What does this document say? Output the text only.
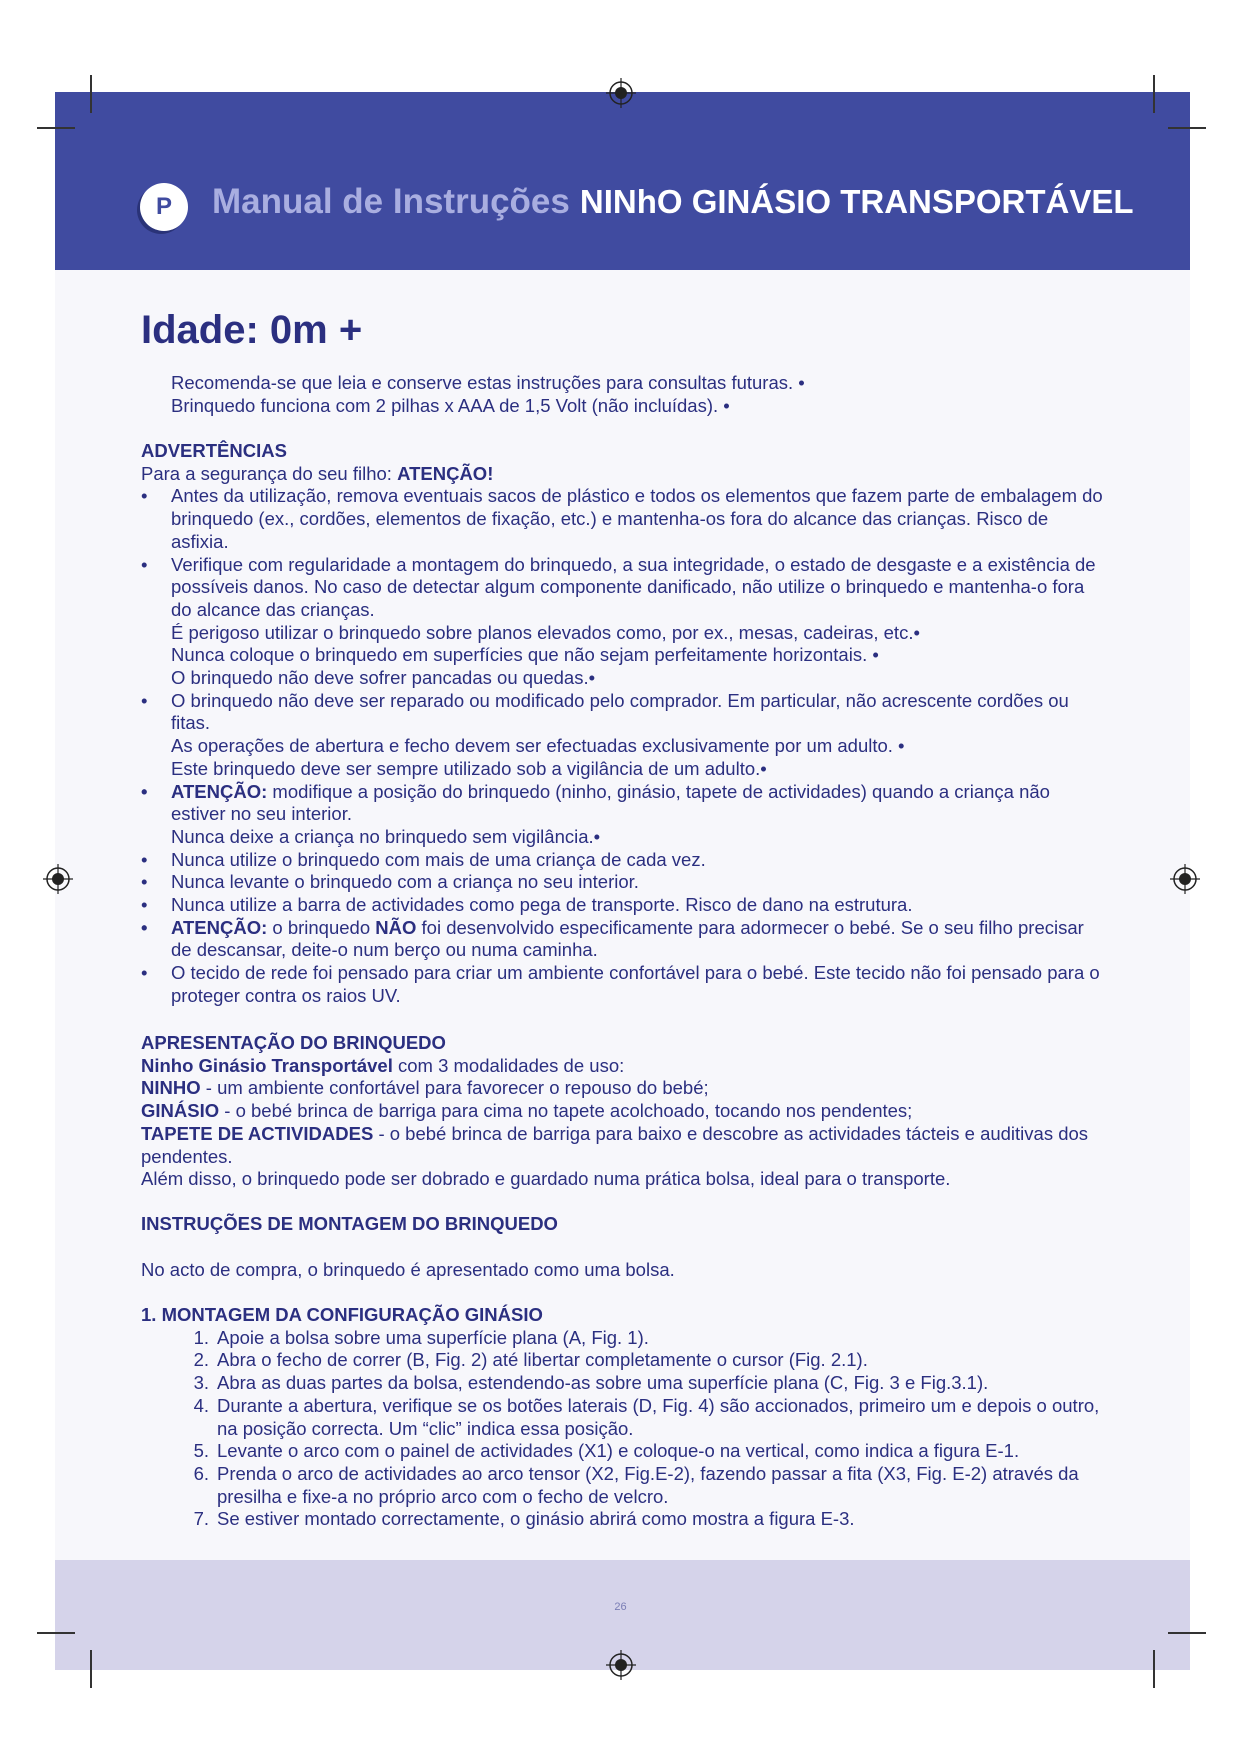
P	Manual de Instruções NINhO GINÁSIO TRANSPORTÁVEL
Idade: 0m +
Recomenda-se que leia e conserve estas instruções para consultas futuras. •
Brinquedo funciona com 2 pilhas x AAA de 1,5 Volt (não incluídas). •
ADVERTÊNCIAS
Para a segurança do seu filho: ATENÇÃO!
•	Antes da utilização, remova eventuais sacos de plástico e todos os elementos que fazem parte de embalagem do brinquedo (ex., cordões, elementos de fixação, etc.) e mantenha-os fora do alcance das crianças. Risco de asfixia.
•	Verifique com regularidade a montagem do brinquedo, a sua integridade, o estado de desgaste e a existência de possíveis danos. No caso de detectar algum componente danificado, não utilize o brinquedo e mantenha-o fora do alcance das crianças.
É perigoso utilizar o brinquedo sobre planos elevados como, por ex., mesas, cadeiras, etc.•
Nunca coloque o brinquedo em superfícies que não sejam perfeitamente horizontais. •
O brinquedo não deve sofrer pancadas ou quedas.•
•	O brinquedo não deve ser reparado ou modificado pelo comprador. Em particular, não acrescente cordões ou fitas.
As operações de abertura e fecho devem ser efectuadas exclusivamente por um adulto. •
Este brinquedo deve ser sempre utilizado sob a vigilância de um adulto.•
•	ATENÇÃO: modifique a posição do brinquedo (ninho, ginásio, tapete de actividades) quando a criança não estiver no seu interior.
Nunca deixe a criança no brinquedo sem vigilância.•
•	Nunca utilize o brinquedo com mais de uma criança de cada vez.
•	Nunca levante o brinquedo com a criança no seu interior.
•	Nunca utilize a barra de actividades como pega de transporte. Risco de dano na estrutura.
•	ATENÇÃO: o brinquedo NÃO foi desenvolvido especificamente para adormecer o bebé. Se o seu filho precisar de descansar, deite-o num berço ou numa caminha.
•	O tecido de rede foi pensado para criar um ambiente confortável para o bebé. Este tecido não foi pensado para o proteger contra os raios UV.
APRESENTAÇÃO DO BRINQUEDO
Ninho Ginásio Transportável com 3 modalidades de uso:
NINHO - um ambiente confortável para favorecer o repouso do bebé;
GINÁSIO - o bebé brinca de barriga para cima no tapete acolchoado, tocando nos pendentes;
TAPETE DE ACTIVIDADES - o bebé brinca de barriga para baixo e descobre as actividades tácteis e auditivas dos pendentes.
Além disso, o brinquedo pode ser dobrado e guardado numa prática bolsa, ideal para o transporte.
INSTRUÇÕES DE MONTAGEM DO BRINQUEDO
No acto de compra, o brinquedo é apresentado como uma bolsa.
1. MONTAGEM DA CONFIGURAÇÃO GINÁSIO
1. Apoie a bolsa sobre uma superfície plana (A, Fig. 1).
2. Abra o fecho de correr (B, Fig. 2) até libertar completamente o cursor (Fig. 2.1).
3. Abra as duas partes da bolsa, estendendo-as sobre uma superfície plana (C, Fig. 3 e Fig.3.1).
4. Durante a abertura, verifique se os botões laterais (D, Fig. 4) são accionados, primeiro um e depois o outro, na posição correcta. Um “clic” indica essa posição.
5. Levante o arco com o painel de actividades (X1) e coloque-o na vertical, como indica a figura E-1.
6. Prenda o arco de actividades ao arco tensor (X2, Fig.E-2), fazendo passar a fita (X3, Fig. E-2) através da presilha e fixe-a no próprio arco com o fecho de velcro.
7. Se estiver montado correctamente, o ginásio abrirá como mostra a figura E-3.
26
